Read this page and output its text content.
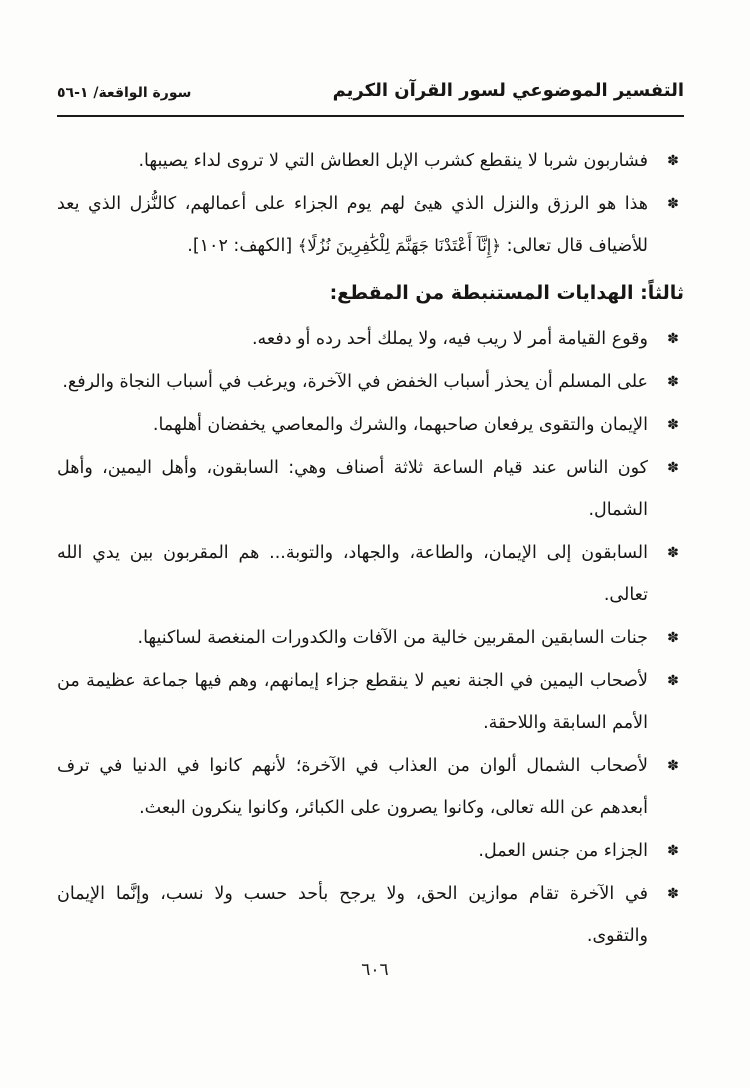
التفسير الموضوعي لسور القرآن الكريم
سورة الواقعة/ ١-٥٦
✽
فشاربون شربا لا ينقطع كشرب الإبل العطاش التي لا تروى لداء يصيبها.
✽
هذا هو الرزق والنزل الذي هيئ لهم يوم الجزاء على أعمالهم، كالنُّزل الذي يعد للأضياف قال تعالى: ﴿إِنَّآ أَعْتَدْنَا جَهَنَّمَ لِلْكَٰفِرِينَ نُزُلًا﴾ [الكهف: ١٠٢].
ثالثاً: الهدايات المستنبطة من المقطع:
✽
وقوع القيامة أمر لا ريب فيه، ولا يملك أحد رده أو دفعه.
✽
على المسلم أن يحذر أسباب الخفض في الآخرة، ويرغب في أسباب النجاة والرفع.
✽
الإيمان والتقوى يرفعان صاحبهما، والشرك والمعاصي يخفضان أهلهما.
✽
كون الناس عند قيام الساعة ثلاثة أصناف وهي: السابقون، وأهل اليمين، وأهل الشمال.
✽
السابقون إلى الإيمان، والطاعة، والجهاد، والتوبة... هم المقربون بين يدي الله تعالى.
✽
جنات السابقين المقربين خالية من الآفات والكدورات المنغصة لساكنيها.
✽
لأصحاب اليمين في الجنة نعيم لا ينقطع جزاء إيمانهم، وهم فيها جماعة عظيمة من الأمم السابقة واللاحقة.
✽
لأصحاب الشمال ألوان من العذاب في الآخرة؛ لأنهم كانوا في الدنيا في ترف أبعدهم عن الله تعالى، وكانوا يصرون على الكبائر، وكانوا ينكرون البعث.
✽
الجزاء من جنس العمل.
✽
في الآخرة تقام موازين الحق، ولا يرجح بأحد حسب ولا نسب، وإنَّما الإيمان والتقوى.
٦٠٦
